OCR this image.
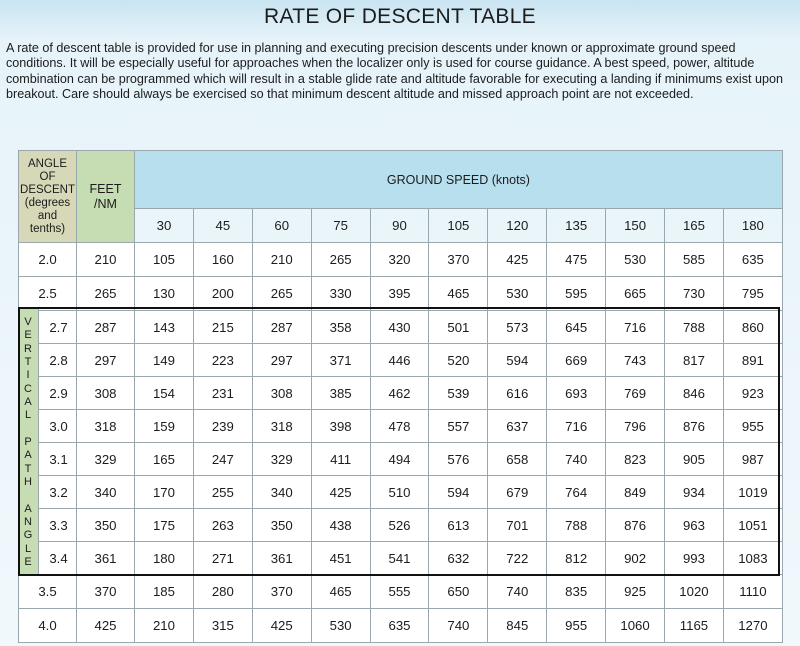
RATE OF DESCENT TABLE
A rate of descent table is provided for use in planning and executing precision descents under known or approximate ground speed conditions. It will be especially useful for approaches when the localizer only is used for course guidance. A best speed, power, altitude combination can be programmed which will result in a stable glide rate and altitude favorable for executing a landing if minimums exist upon breakout. Care should always be exercised so that minimum descent altitude and missed approach point are not exceeded.
ANGLE OF DESCENT (degrees and tenths)	FEET /NM	GROUND SPEED (knots)										
		30	45	60	75	90	105	120	135	150	165	180
2.0	210	105	160	210	265	320	370	425	475	530	585	635
2.5	265	130	200	265	330	395	465	530	595	665	730	795
2.7	287	143	215	287	358	430	501	573	645	716	788	860
2.8	297	149	223	297	371	446	520	594	669	743	817	891
2.9	308	154	231	308	385	462	539	616	693	769	846	923
3.0	318	159	239	318	398	478	557	637	716	796	876	955
3.1	329	165	247	329	411	494	576	658	740	823	905	987
3.2	340	170	255	340	425	510	594	679	764	849	934	1019
3.3	350	175	263	350	438	526	613	701	788	876	963	1051
3.4	361	180	271	361	451	541	632	722	812	902	993	1083
3.5	370	185	280	370	465	555	650	740	835	925	1020	1110
4.0	425	210	315	425	530	635	740	845	955	1060	1165	1270
V
E
R
T
I
C
A
L

P
A
T
H

A
N
G
L
E
